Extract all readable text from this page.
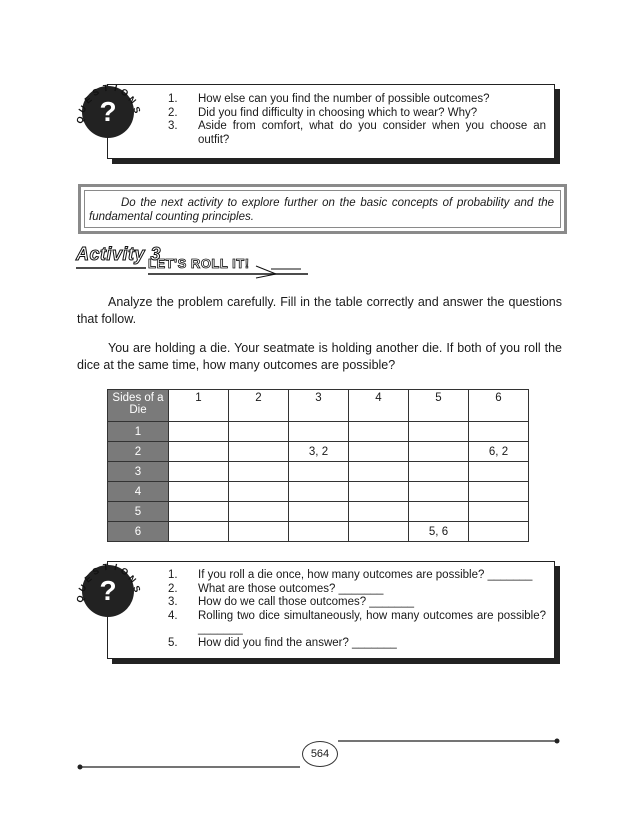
1. How else can you find the number of possible outcomes?
2. Did you find difficulty in choosing which to wear? Why?
3. Aside from comfort, what do you consider when you choose an outfit?
?
Q
U
E
S T I O
N
S
Do the next activity to explore further on the basic concepts of probability and the fundamental counting principles.
Activity 3
LET'S ROLL IT!
Analyze the problem carefully. Fill in the table correctly and answer the questions that follow.
You are holding a die. Your seatmate is holding another die. If both of you roll the dice at the same time, how many outcomes are possible?
Sides of a Die	1	2	3	4	5	6
1						
2			3, 2			6, 2
3						
4						
5						
6					5, 6	
1. If you roll a die once, how many outcomes are possible? _______
2. What are those outcomes? _______
3. How do we call those outcomes? _______
4. Rolling two dice simultaneously, how many outcomes are possible?_______
5. How did you find the answer? _______
?
Q
U
E
S T I O
N
S
564
